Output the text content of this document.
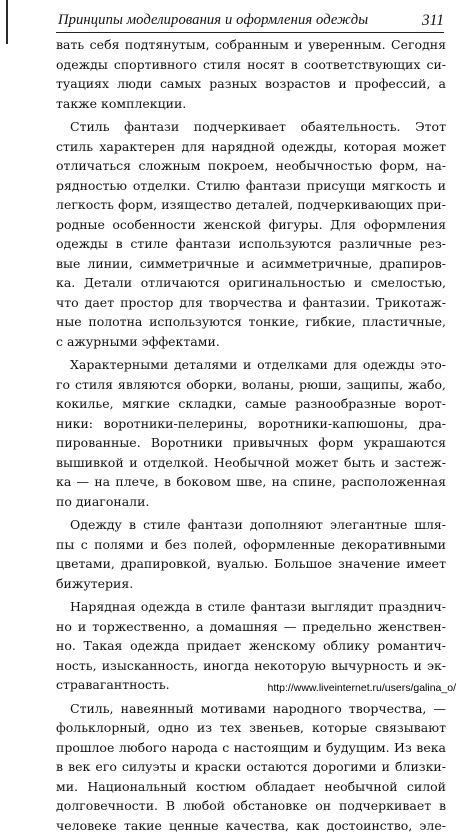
Принципы моделирования и оформления одежды	311
вать себя подтянутым, собранным и уверенным. Сегодня
одежды спортивного стиля носят в соответствующих си-
туациях люди самых разных возрастов и профессий, а
также комплекции.
Стиль фантази подчеркивает обаятельность. Этот
стиль характерен для нарядной одежды, которая может
отличаться сложным покроем, необычностью форм, на-
рядностью отделки. Стилю фантази присущи мягкость и
легкость форм, изящество деталей, подчеркивающих при-
родные особенности женской фигуры. Для оформления
одежды в стиле фантази используются различные рез-
вые линии, симметричные и асимметричные, драпиров-
ка. Детали отличаются оригинальностью и смелостью,
что дает простор для творчества и фантазии. Трикотаж-
ные полотна используются тонкие, гибкие, пластичные,
с ажурными эффектами.
Характерными деталями и отделками для одежды это-
го стиля являются оборки, воланы, рюши, защипы, жабо,
кокилье, мягкие складки, самые разнообразные ворот-
ники: воротники-пелерины, воротники-капюшоны, дра-
пированные. Воротники привычных форм украшаются
вышивкой и отделкой. Необычной может быть и застеж-
ка — на плече, в боковом шве, на спине, расположенная
по диагонали.
Одежду в стиле фантази дополняют элегантные шля-
пы с полями и без полей, оформленные декоративными
цветами, драпировкой, вуалью. Большое значение имеет
бижутерия.
Нарядная одежда в стиле фантази выглядит празднич-
но и торжественно, а домашняя — предельно женствен-
но. Такая одежда придает женскому облику романтич-
ность, изысканность, иногда некоторую вычурность и эк-
стравагантность.
Стиль, навеянный мотивами народного творчества, —
фольклорный, одно из тех звеньев, которые связывают
прошлое любого народа с настоящим и будущим. Из века
в век его силуэты и краски остаются дорогими и близки-
ми. Национальный костюм обладает необычной силой
долговечности. В любой обстановке он подчеркивает в
человеке такие ценные качества, как достоинство, эле-
http://www.liveinternet.ru/users/galina_o/
